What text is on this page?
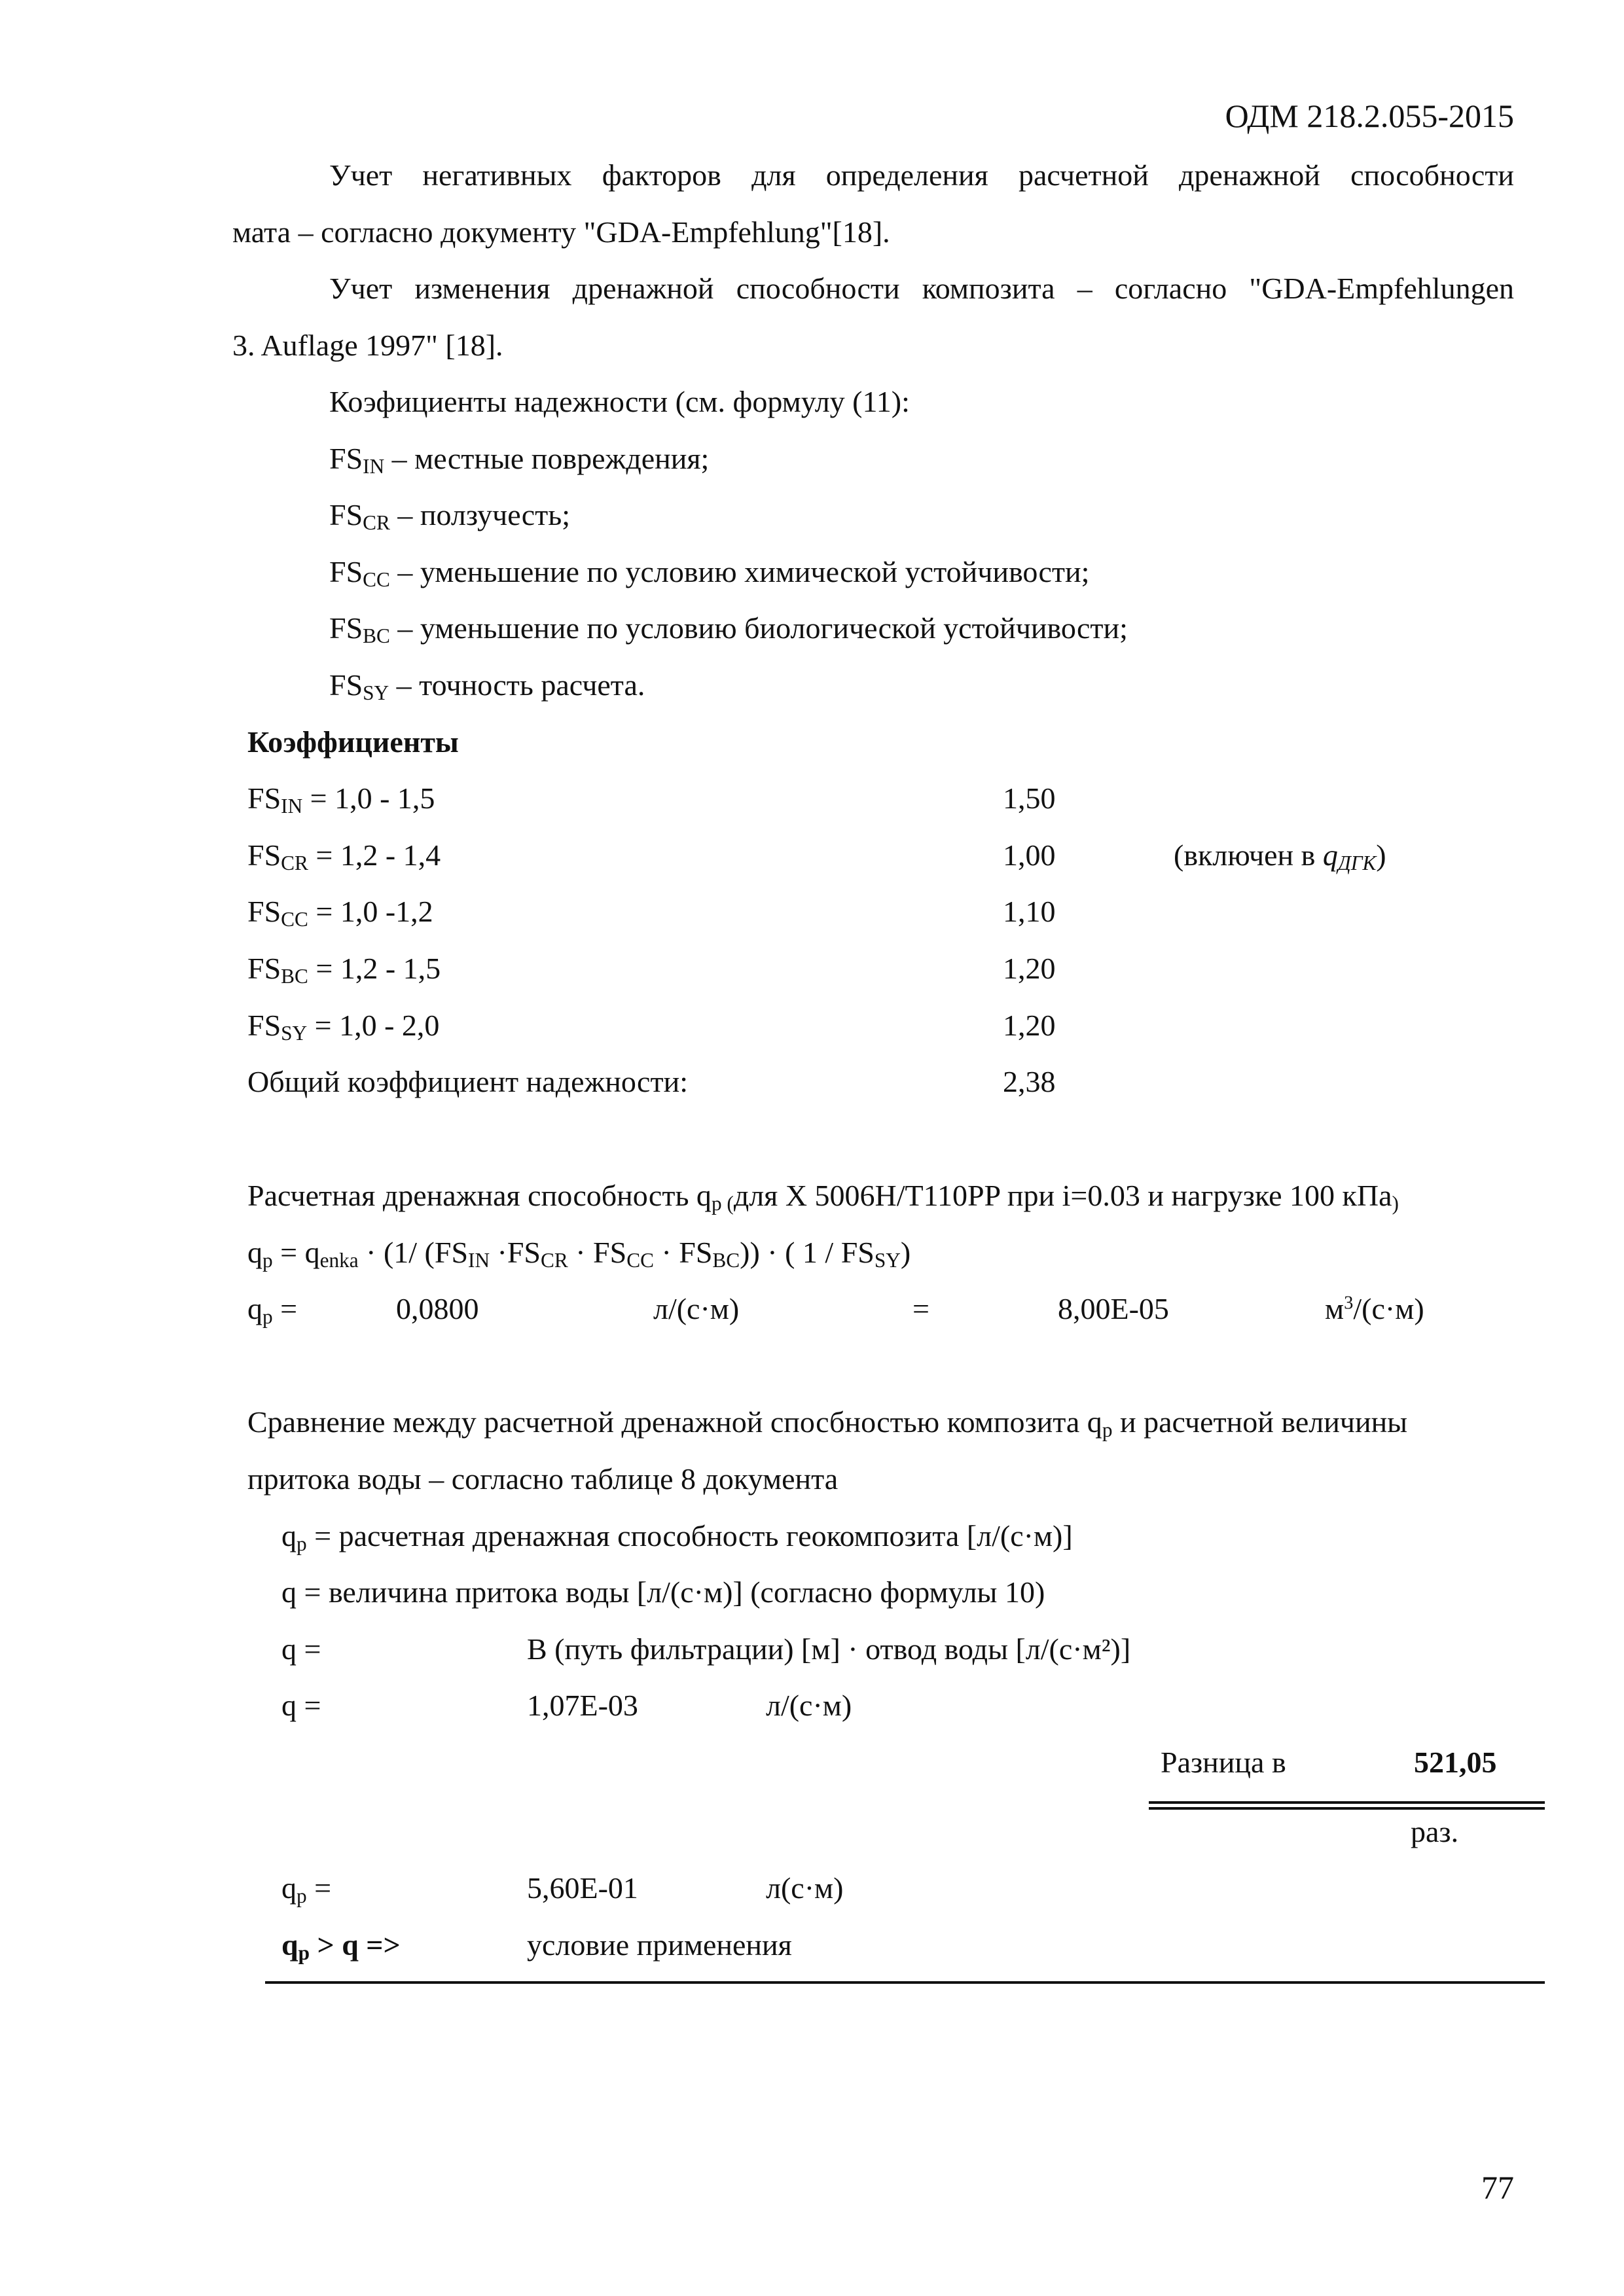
ОДМ 218.2.055-2015
Учет негативных факторов для определения расчетной дренажной способности
мата – согласно документу "GDA-Empfehlung"[18].
Учет изменения дренажной способности композита – согласно "GDA-Empfehlungen
3. Auflage 1997" [18].
Коэфициенты надежности (см. формулу (11):
$FS_{IN}$ – местные повреждения;
$FS_{CR}$ – ползучесть;
$FS_{CC}$ – уменьшение по условию химической устойчивости;
$FS_{BC}$ – уменьшение по условию биологической устойчивости;
$FS_{SY}$ – точность расчета.
Коэффициенты
$FS_{IN} = 1,0 - 1,5$	1,50
$FS_{CR} = 1,2 - 1,4$	1,00	(включен в $q_{ДГК}$)
$FS_{CC} = 1,0$ -1,2	1,10
$FS_{BC} = 1,2 - 1,5$	1,20
$FS_{SY} = 1,0 - 2,0$	1,20
Общий коэффициент надежности:	2,38
Расчетная дренажная способность $q_{p (}для$ X 5006H/T110PP при i=0.03 и нагрузке 100 кПа$_)$
$q_p = q_{enka} \cdot (1/$ $(FS_{IN} \cdot FS_{CR} \cdot FS_{CC} \cdot FS_{BC})$) · ( $1 / FS_{SY}$)
$q_p$ =	0,0800	л/(с·м)	=	8,00E-05	$м^3/(с\cdot м)$
Сравнение между расчетной дренажной спосбностью композита $q_p$ и расчетной величины
притока воды – согласно таблице 8 документа
$q_p$ = расчетная дренажная способность геокомпозита [л/(с·м)]
q = величина притока воды [л/(с·м)] (согласно формулы 10)
q =	B (путь фильтрации) [м] · отвод воды [л/(с·м²)]
q =	1,07E-03	л/(с·м)
Разница в	521,05
раз.
$q_p$ =	5,60E-01	л(с·м)
$q_p > q$ =>	условие применения
77
